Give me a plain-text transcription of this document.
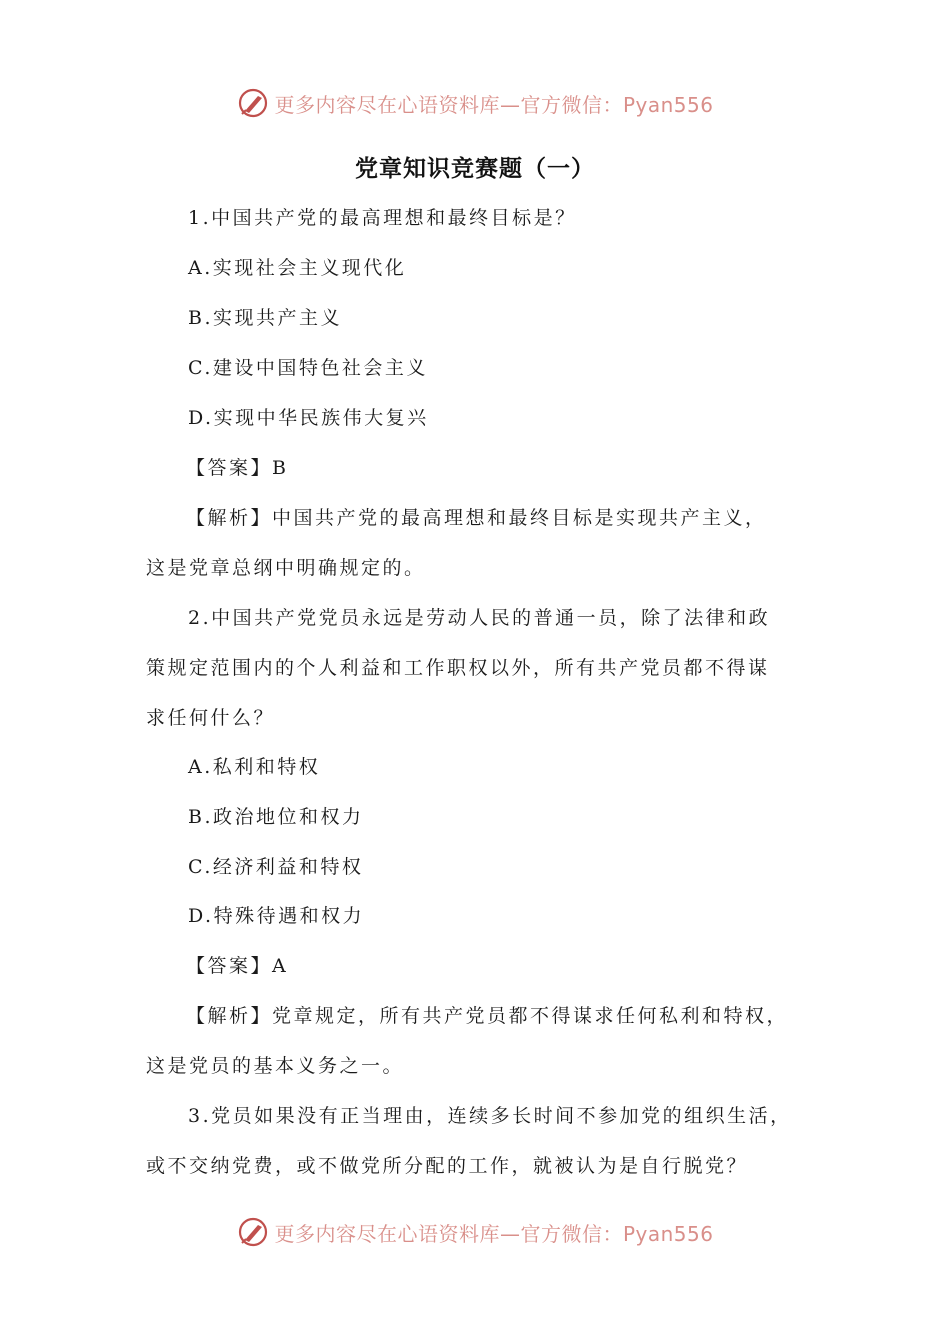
更多内容尽在心语资料库—官方微信：Pyan556
党章知识竞赛题（一）
1.中国共产党的最高理想和最终目标是？
A.实现社会主义现代化
B.实现共产主义
C.建设中国特色社会主义
D.实现中华民族伟大复兴
【答案】B
【解析】中国共产党的最高理想和最终目标是实现共产主义，
这是党章总纲中明确规定的。
2.中国共产党党员永远是劳动人民的普通一员，除了法律和政
策规定范围内的个人利益和工作职权以外，所有共产党员都不得谋
求任何什么？
A.私利和特权
B.政治地位和权力
C.经济利益和特权
D.特殊待遇和权力
【答案】A
【解析】党章规定，所有共产党员都不得谋求任何私利和特权，
这是党员的基本义务之一。
3.党员如果没有正当理由，连续多长时间不参加党的组织生活，
或不交纳党费，或不做党所分配的工作，就被认为是自行脱党？
更多内容尽在心语资料库—官方微信：Pyan556
